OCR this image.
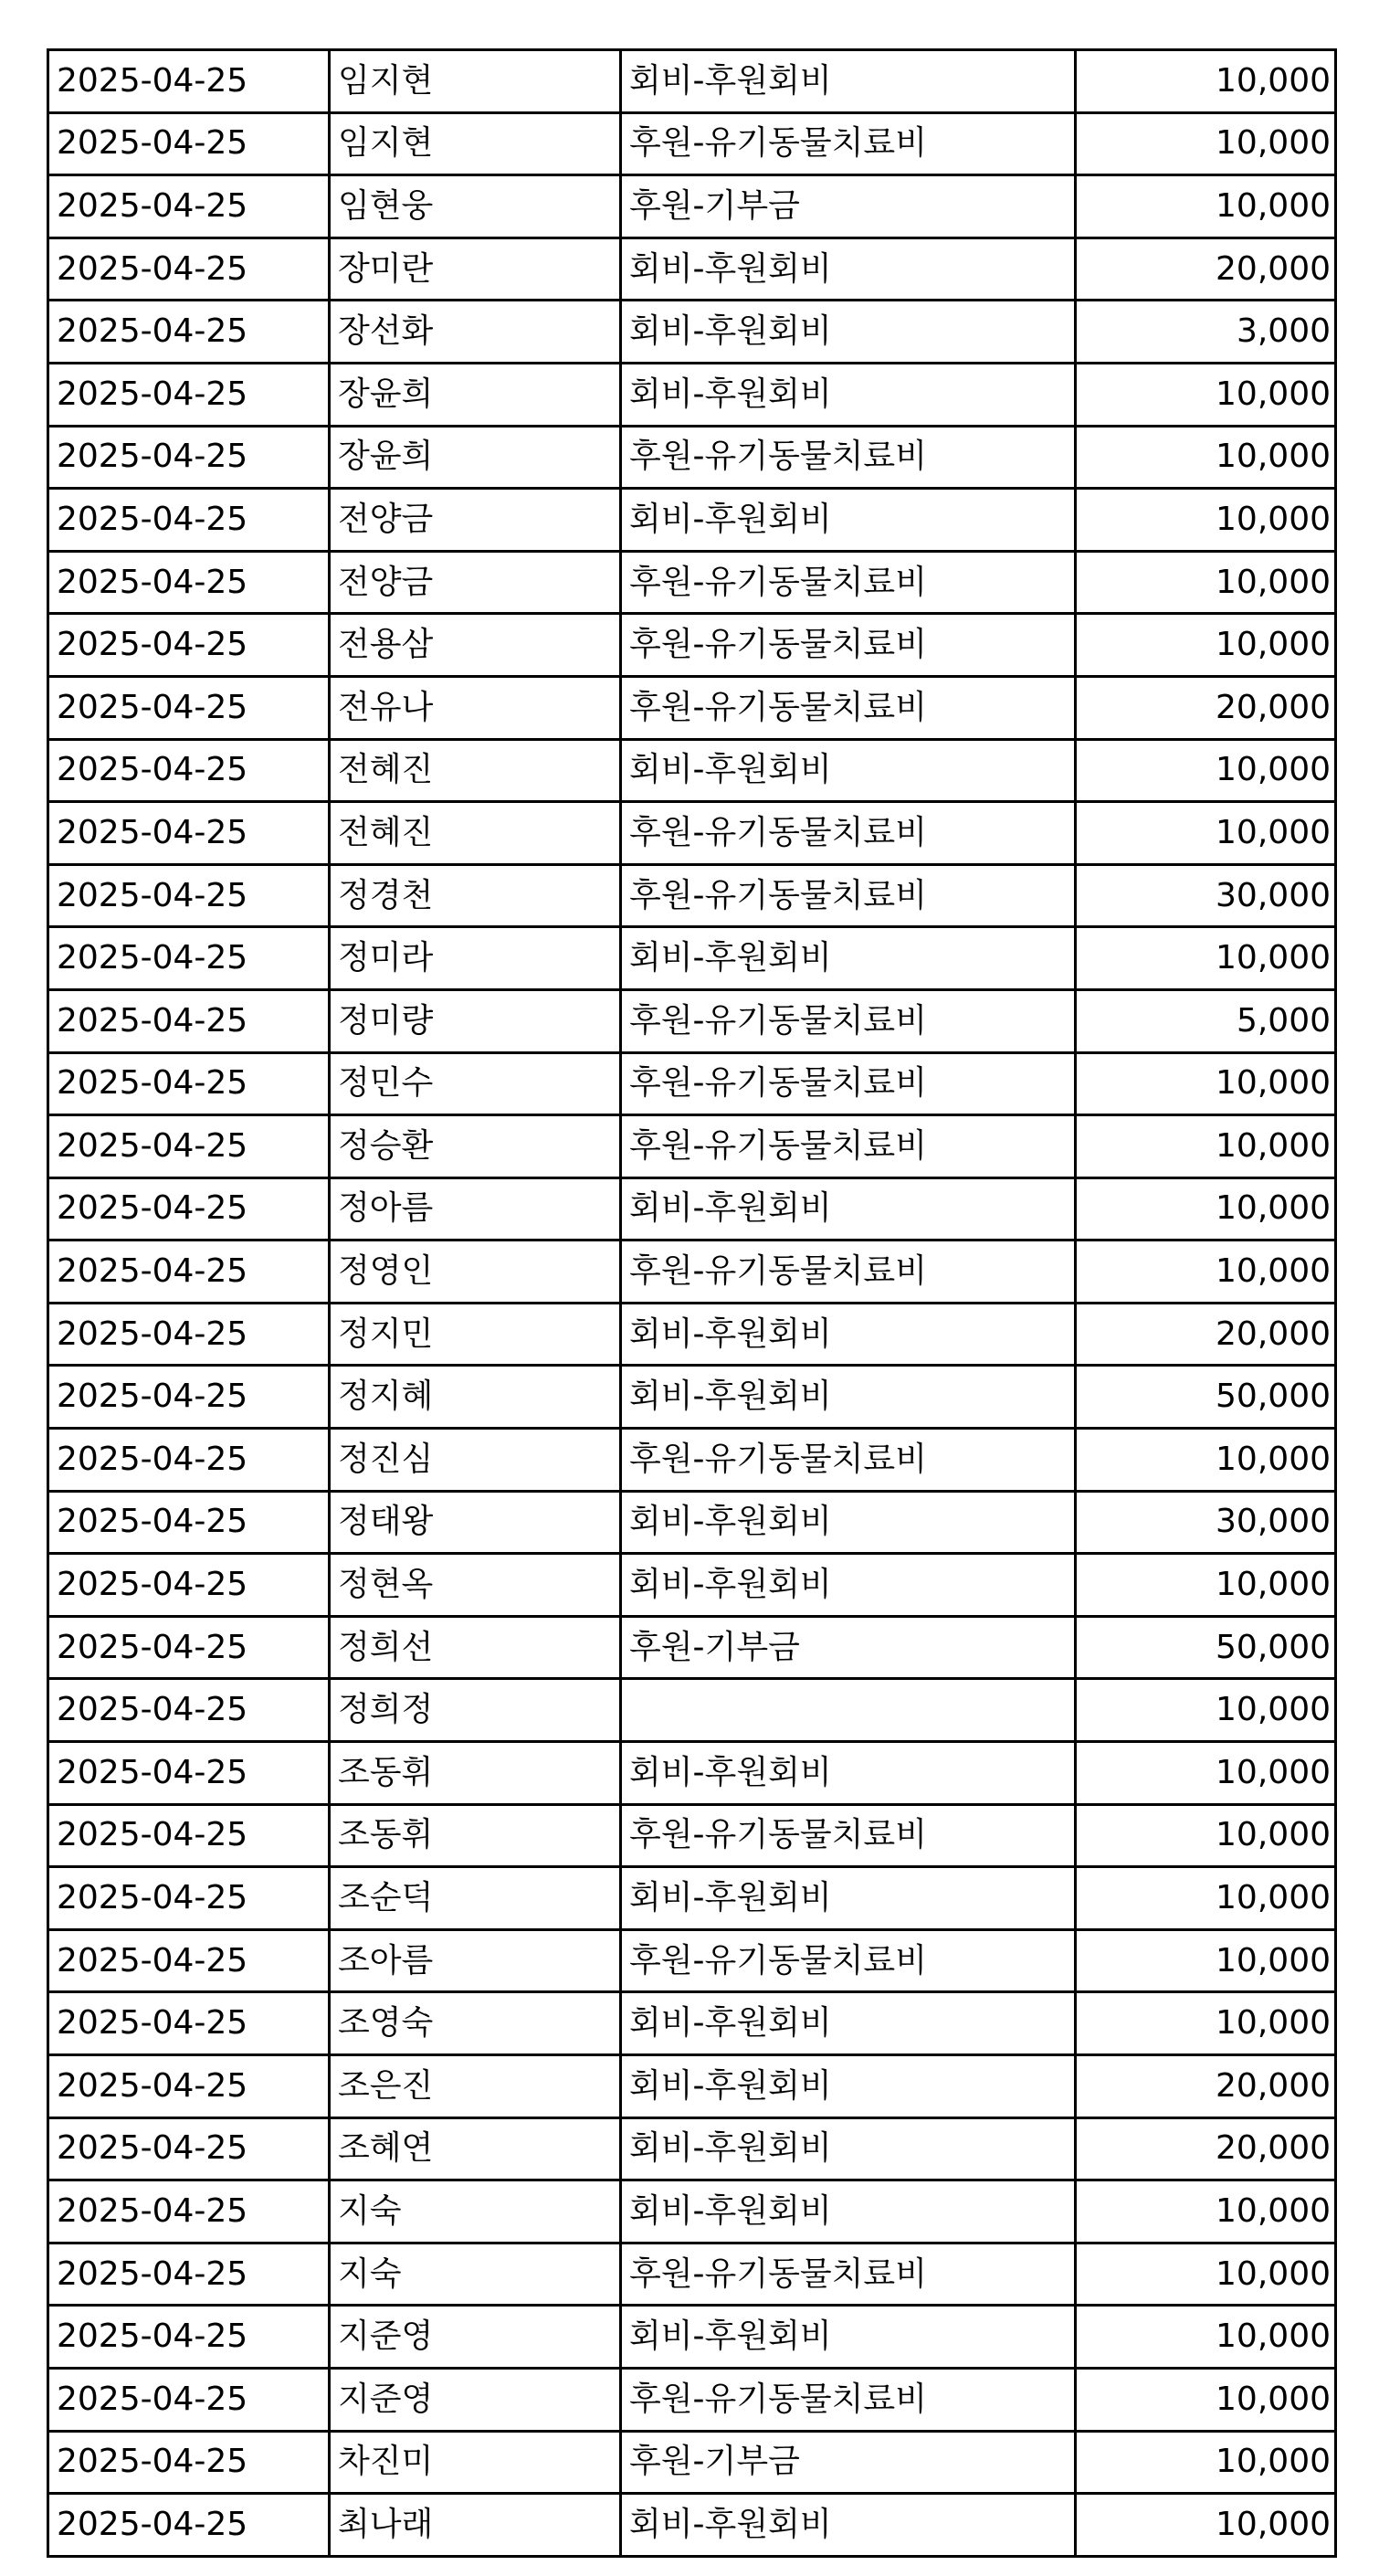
2025-04-25	임지현	회비-후원회비	10,000
2025-04-25	임지현	후원-유기동물치료비	10,000
2025-04-25	임현웅	후원-기부금	10,000
2025-04-25	장미란	회비-후원회비	20,000
2025-04-25	장선화	회비-후원회비	3,000
2025-04-25	장윤희	회비-후원회비	10,000
2025-04-25	장윤희	후원-유기동물치료비	10,000
2025-04-25	전양금	회비-후원회비	10,000
2025-04-25	전양금	후원-유기동물치료비	10,000
2025-04-25	전용삼	후원-유기동물치료비	10,000
2025-04-25	전유나	후원-유기동물치료비	20,000
2025-04-25	전혜진	회비-후원회비	10,000
2025-04-25	전혜진	후원-유기동물치료비	10,000
2025-04-25	정경천	후원-유기동물치료비	30,000
2025-04-25	정미라	회비-후원회비	10,000
2025-04-25	정미량	후원-유기동물치료비	5,000
2025-04-25	정민수	후원-유기동물치료비	10,000
2025-04-25	정승환	후원-유기동물치료비	10,000
2025-04-25	정아름	회비-후원회비	10,000
2025-04-25	정영인	후원-유기동물치료비	10,000
2025-04-25	정지민	회비-후원회비	20,000
2025-04-25	정지혜	회비-후원회비	50,000
2025-04-25	정진심	후원-유기동물치료비	10,000
2025-04-25	정태왕	회비-후원회비	30,000
2025-04-25	정현옥	회비-후원회비	10,000
2025-04-25	정희선	후원-기부금	50,000
2025-04-25	정희정		10,000
2025-04-25	조동휘	회비-후원회비	10,000
2025-04-25	조동휘	후원-유기동물치료비	10,000
2025-04-25	조순덕	회비-후원회비	10,000
2025-04-25	조아름	후원-유기동물치료비	10,000
2025-04-25	조영숙	회비-후원회비	10,000
2025-04-25	조은진	회비-후원회비	20,000
2025-04-25	조혜연	회비-후원회비	20,000
2025-04-25	지숙	회비-후원회비	10,000
2025-04-25	지숙	후원-유기동물치료비	10,000
2025-04-25	지준영	회비-후원회비	10,000
2025-04-25	지준영	후원-유기동물치료비	10,000
2025-04-25	차진미	후원-기부금	10,000
2025-04-25	최나래	회비-후원회비	10,000
